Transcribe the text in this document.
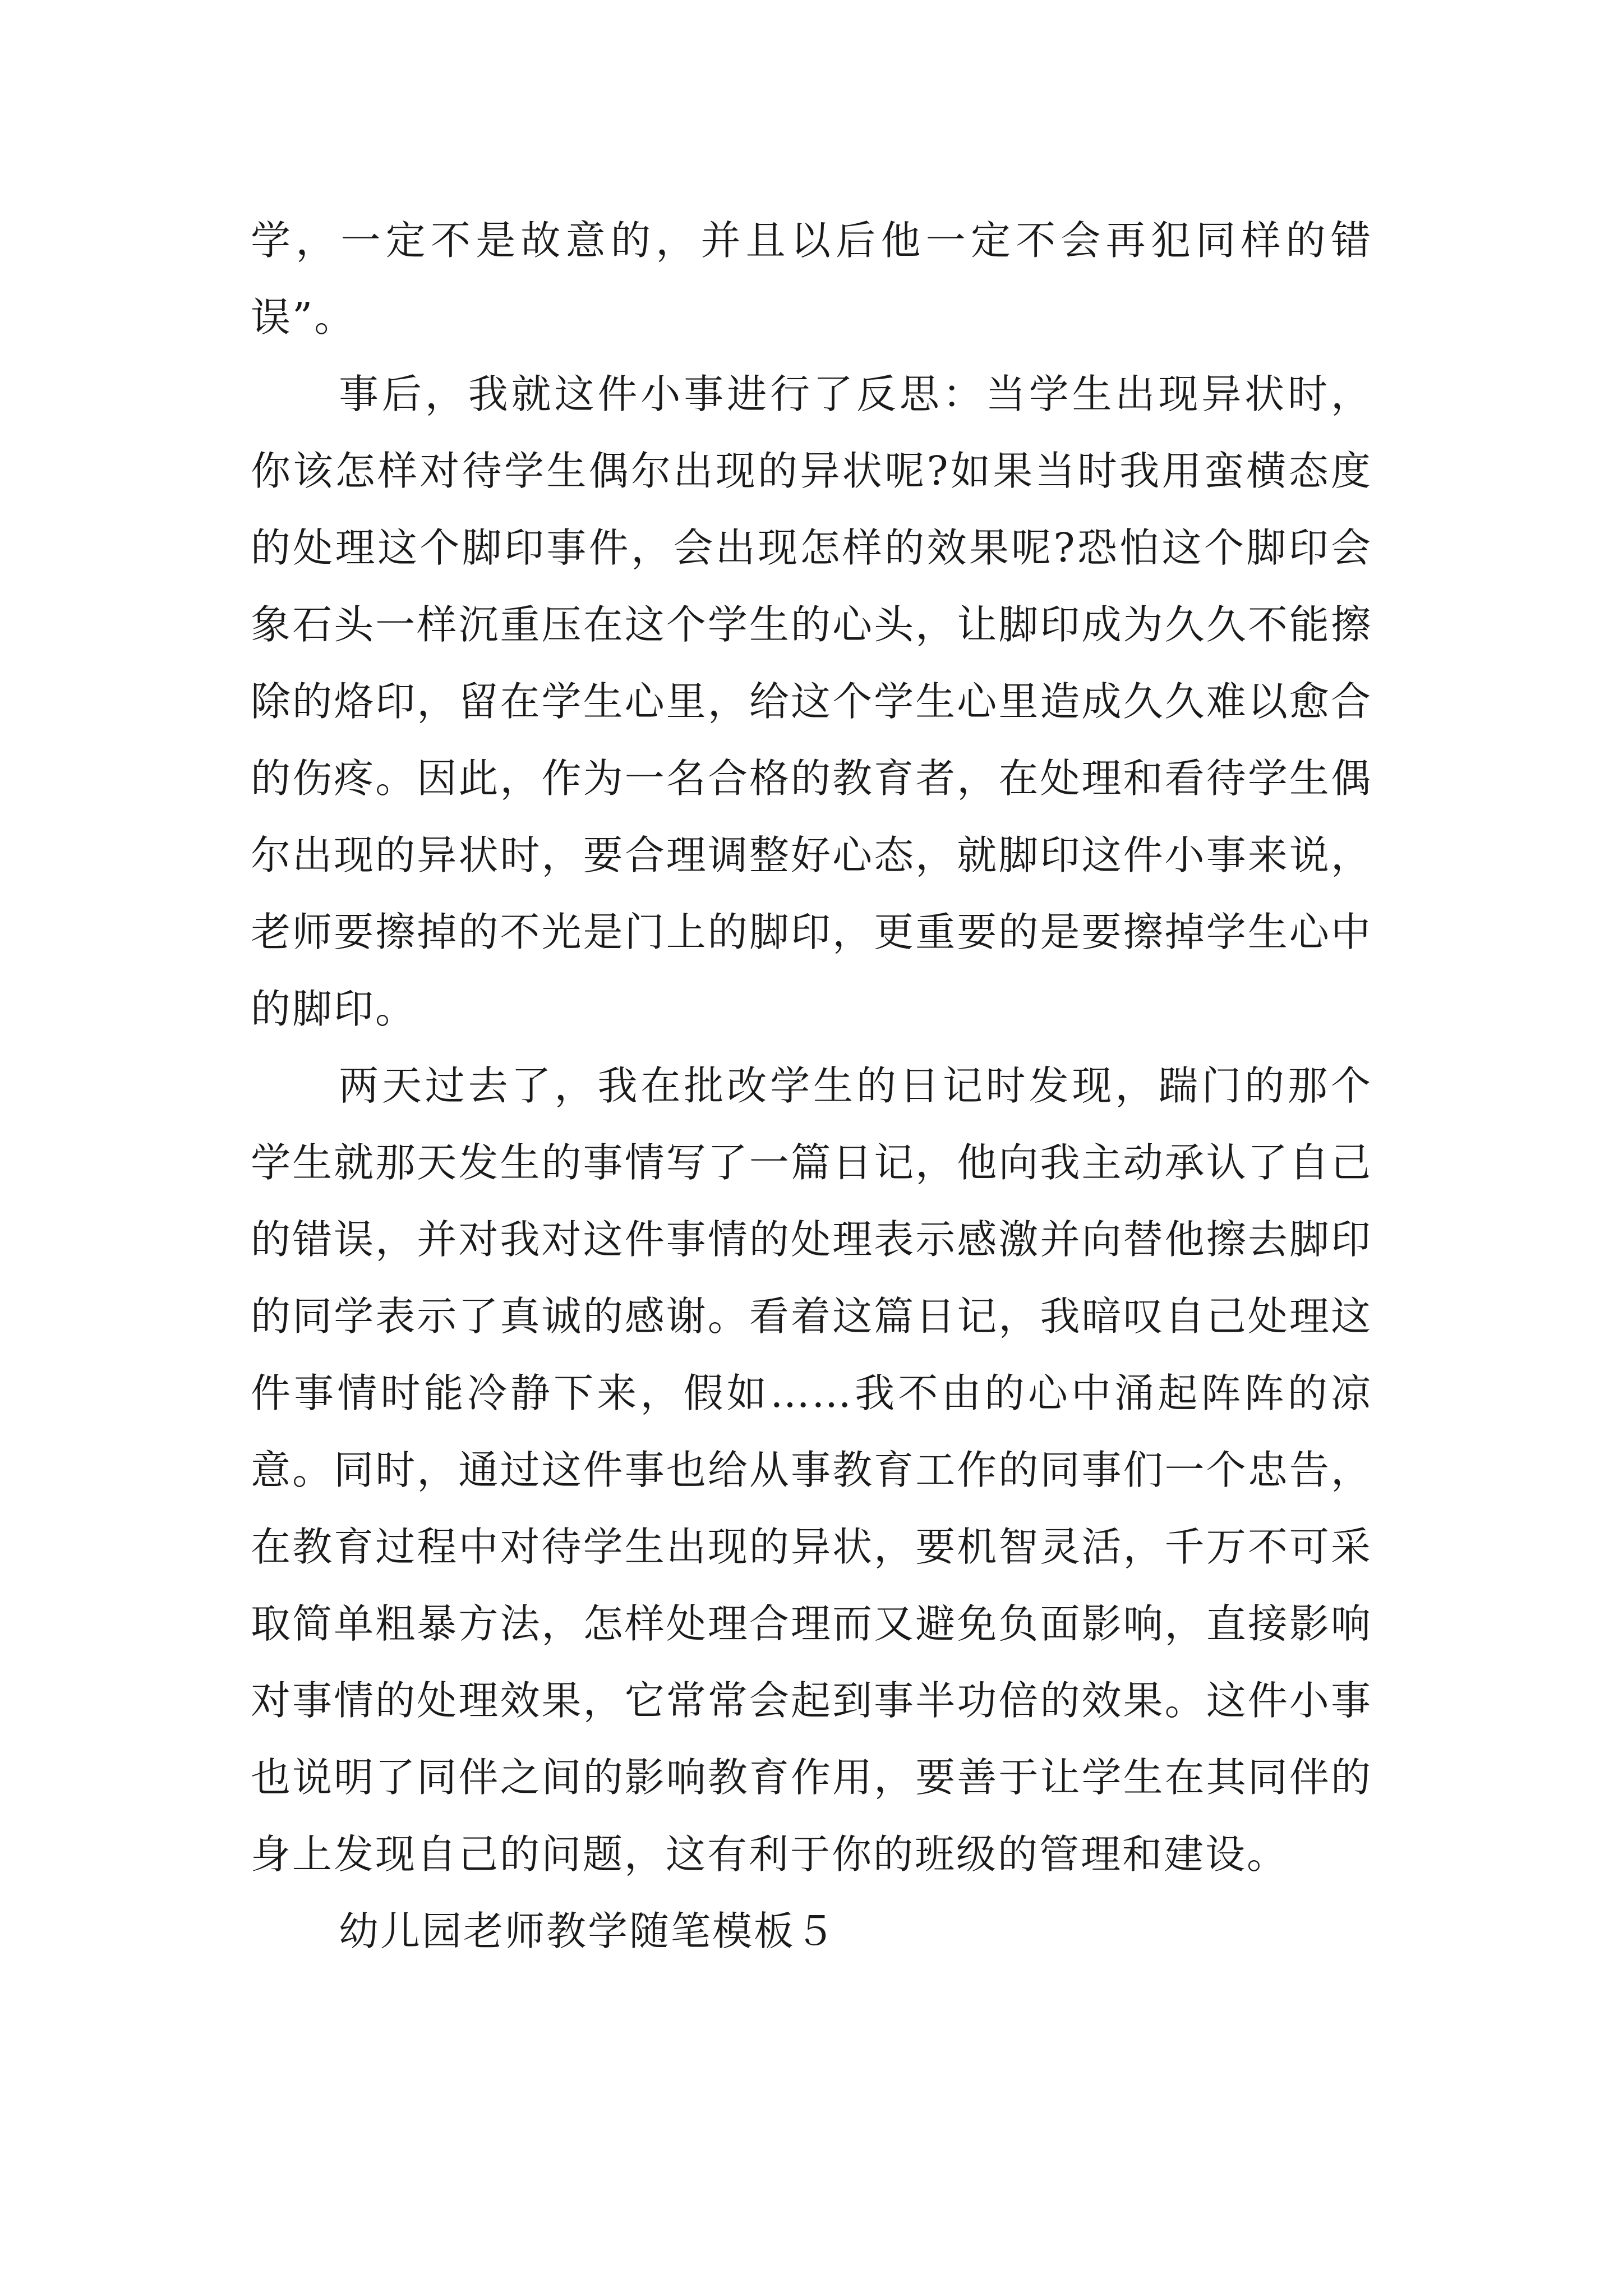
学，一定不是故意的，并且以后他一定不会再犯同样的错误”。

事后，我就这件小事进行了反思：当学生出现异状时，你该怎样对待学生偶尔出现的异状呢?如果当时我用蛮横态度的处理这个脚印事件，会出现怎样的效果呢?恐怕这个脚印会象石头一样沉重压在这个学生的心头，让脚印成为久久不能擦除的烙印，留在学生心里，给这个学生心里造成久久难以愈合的伤疼。因此，作为一名合格的教育者，在处理和看待学生偶尔出现的异状时，要合理调整好心态，就脚印这件小事来说，老师要擦掉的不光是门上的脚印，更重要的是要擦掉学生心中的脚印。

两天过去了，我在批改学生的日记时发现，踹门的那个学生就那天发生的事情写了一篇日记，他向我主动承认了自己的错误，并对我对这件事情的处理表示感激并向替他擦去脚印的同学表示了真诚的感谢。看着这篇日记，我暗叹自己处理这件事情时能冷静下来，假如……我不由的心中涌起阵阵的凉意。同时，通过这件事也给从事教育工作的同事们一个忠告，在教育过程中对待学生出现的异状，要机智灵活，千万不可采取简单粗暴方法，怎样处理合理而又避免负面影响，直接影响对事情的处理效果，它常常会起到事半功倍的效果。这件小事也说明了同伴之间的影响教育作用，要善于让学生在其同伴的身上发现自己的问题，这有利于你的班级的管理和建设。

幼儿园老师教学随笔模板５
